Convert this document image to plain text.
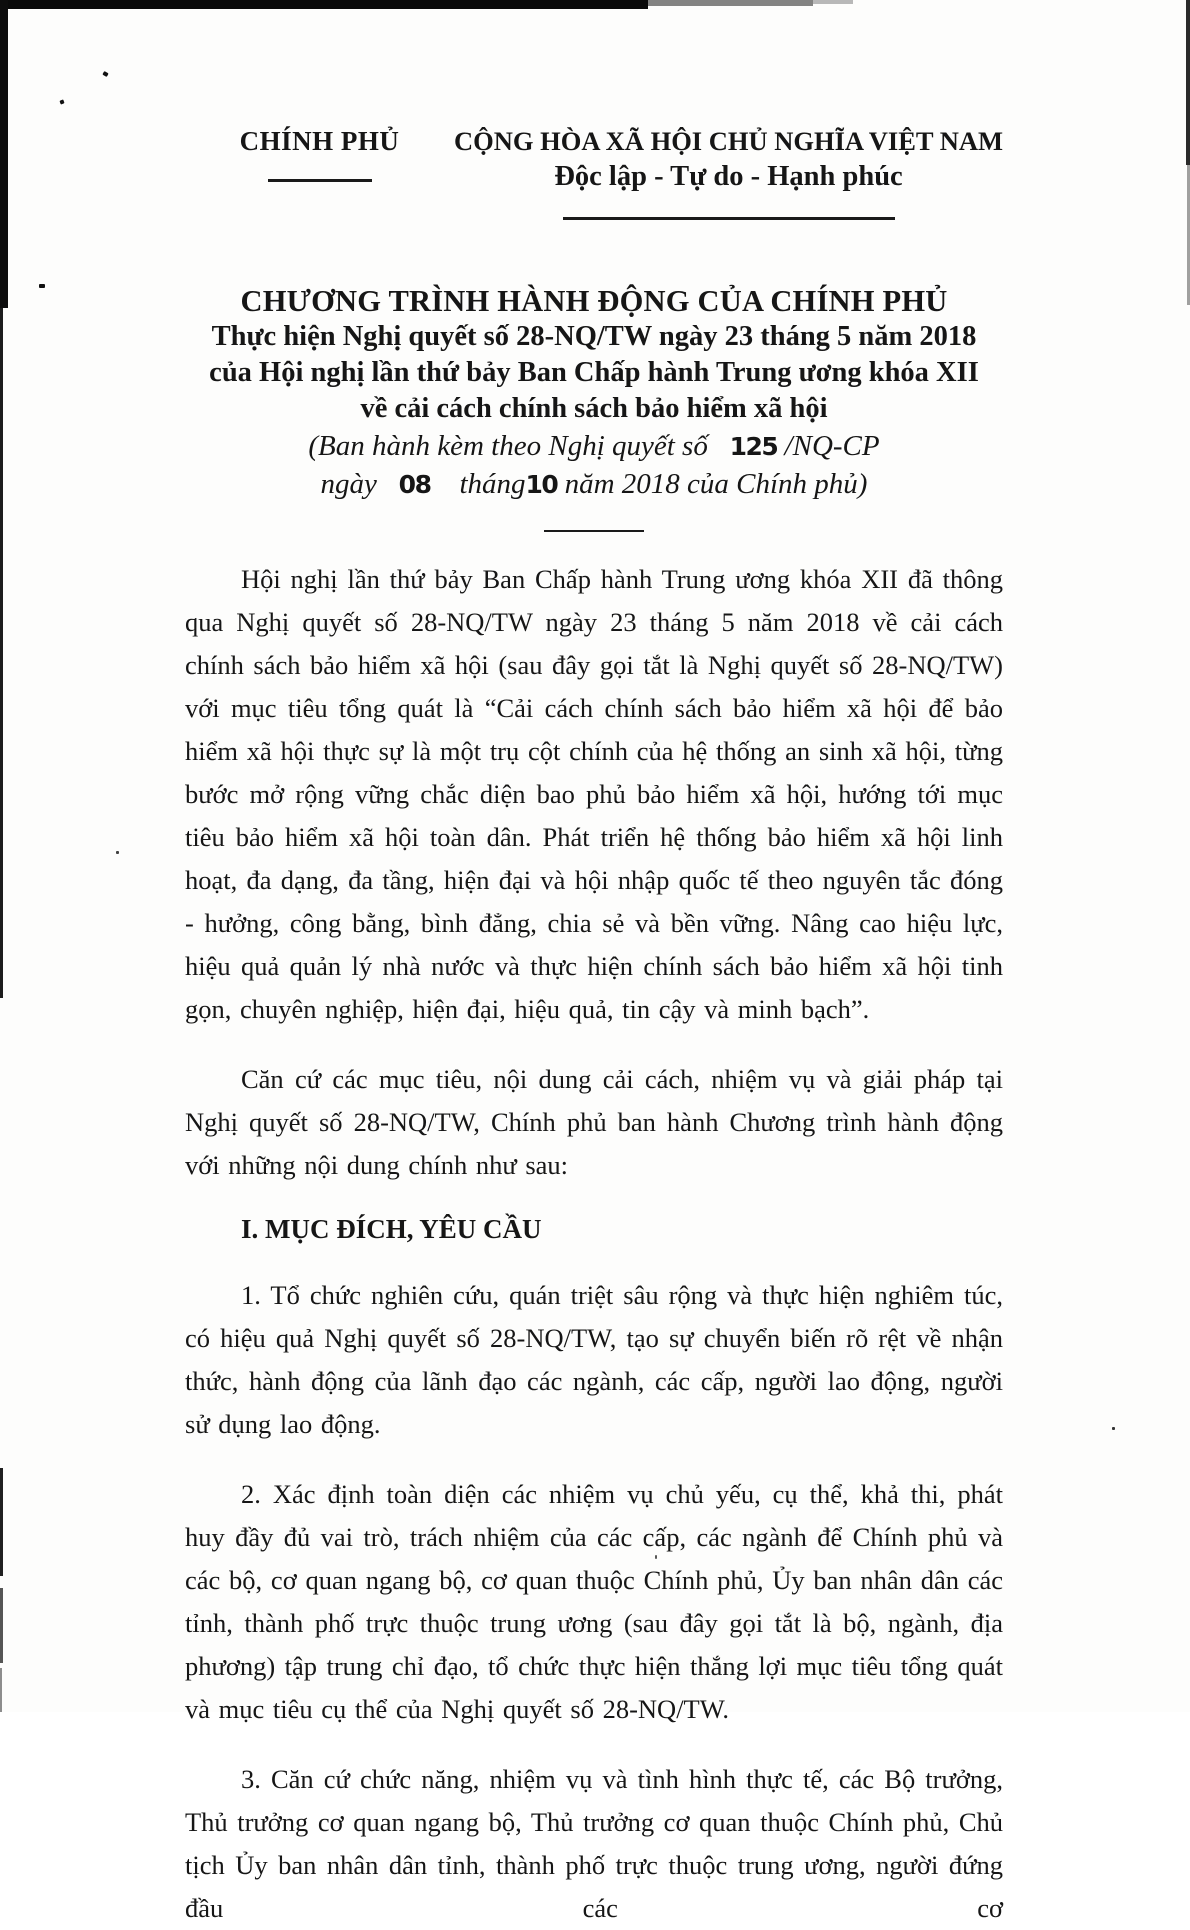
CHÍNH PHỦ	CỘNG HÒA XÃ HỘI CHỦ NGHĨA VIỆT NAM
Độc lập - Tự do - Hạnh phúc
CHƯƠNG TRÌNH HÀNH ĐỘNG CỦA CHÍNH PHỦ
Thực hiện Nghị quyết số 28-NQ/TW ngày 23 tháng 5 năm 2018
của Hội nghị lần thứ bảy Ban Chấp hành Trung ương khóa XII
về cải cách chính sách bảo hiểm xã hội
(Ban hành kèm theo Nghị quyết số 125 /NQ-CP
ngày 08 tháng10 năm 2018 của Chính phủ)

Hội nghị lần thứ bảy Ban Chấp hành Trung ương khóa XII đã thông qua Nghị quyết số 28-NQ/TW ngày 23 tháng 5 năm 2018 về cải cách chính sách bảo hiểm xã hội (sau đây gọi tắt là Nghị quyết số 28-NQ/TW) với mục tiêu tổng quát là “Cải cách chính sách bảo hiểm xã hội để bảo hiểm xã hội thực sự là một trụ cột chính của hệ thống an sinh xã hội, từng bước mở rộng vững chắc diện bao phủ bảo hiểm xã hội, hướng tới mục tiêu bảo hiểm xã hội toàn dân. Phát triển hệ thống bảo hiểm xã hội linh hoạt, đa dạng, đa tầng, hiện đại và hội nhập quốc tế theo nguyên tắc đóng - hưởng, công bằng, bình đẳng, chia sẻ và bền vững. Nâng cao hiệu lực, hiệu quả quản lý nhà nước và thực hiện chính sách bảo hiểm xã hội tinh gọn, chuyên nghiệp, hiện đại, hiệu quả, tin cậy và minh bạch”.

Căn cứ các mục tiêu, nội dung cải cách, nhiệm vụ và giải pháp tại Nghị quyết số 28-NQ/TW, Chính phủ ban hành Chương trình hành động với những nội dung chính như sau:

I. MỤC ĐÍCH, YÊU CẦU

1. Tổ chức nghiên cứu, quán triệt sâu rộng và thực hiện nghiêm túc, có hiệu quả Nghị quyết số 28-NQ/TW, tạo sự chuyển biến rõ rệt về nhận thức, hành động của lãnh đạo các ngành, các cấp, người lao động, người sử dụng lao động.

2. Xác định toàn diện các nhiệm vụ chủ yếu, cụ thể, khả thi, phát huy đầy đủ vai trò, trách nhiệm của các cấp, các ngành để Chính phủ và các bộ, cơ quan ngang bộ, cơ quan thuộc Chính phủ, Ủy ban nhân dân các tỉnh, thành phố trực thuộc trung ương (sau đây gọi tắt là bộ, ngành, địa phương) tập trung chỉ đạo, tổ chức thực hiện thắng lợi mục tiêu tổng quát và mục tiêu cụ thể của Nghị quyết số 28-NQ/TW.

3. Căn cứ chức năng, nhiệm vụ và tình hình thực tế, các Bộ trưởng, Thủ trưởng cơ quan ngang bộ, Thủ trưởng cơ quan thuộc Chính phủ, Chủ tịch Ủy ban nhân dân tỉnh, thành phố trực thuộc trung ương, người đứng đầu các cơ
